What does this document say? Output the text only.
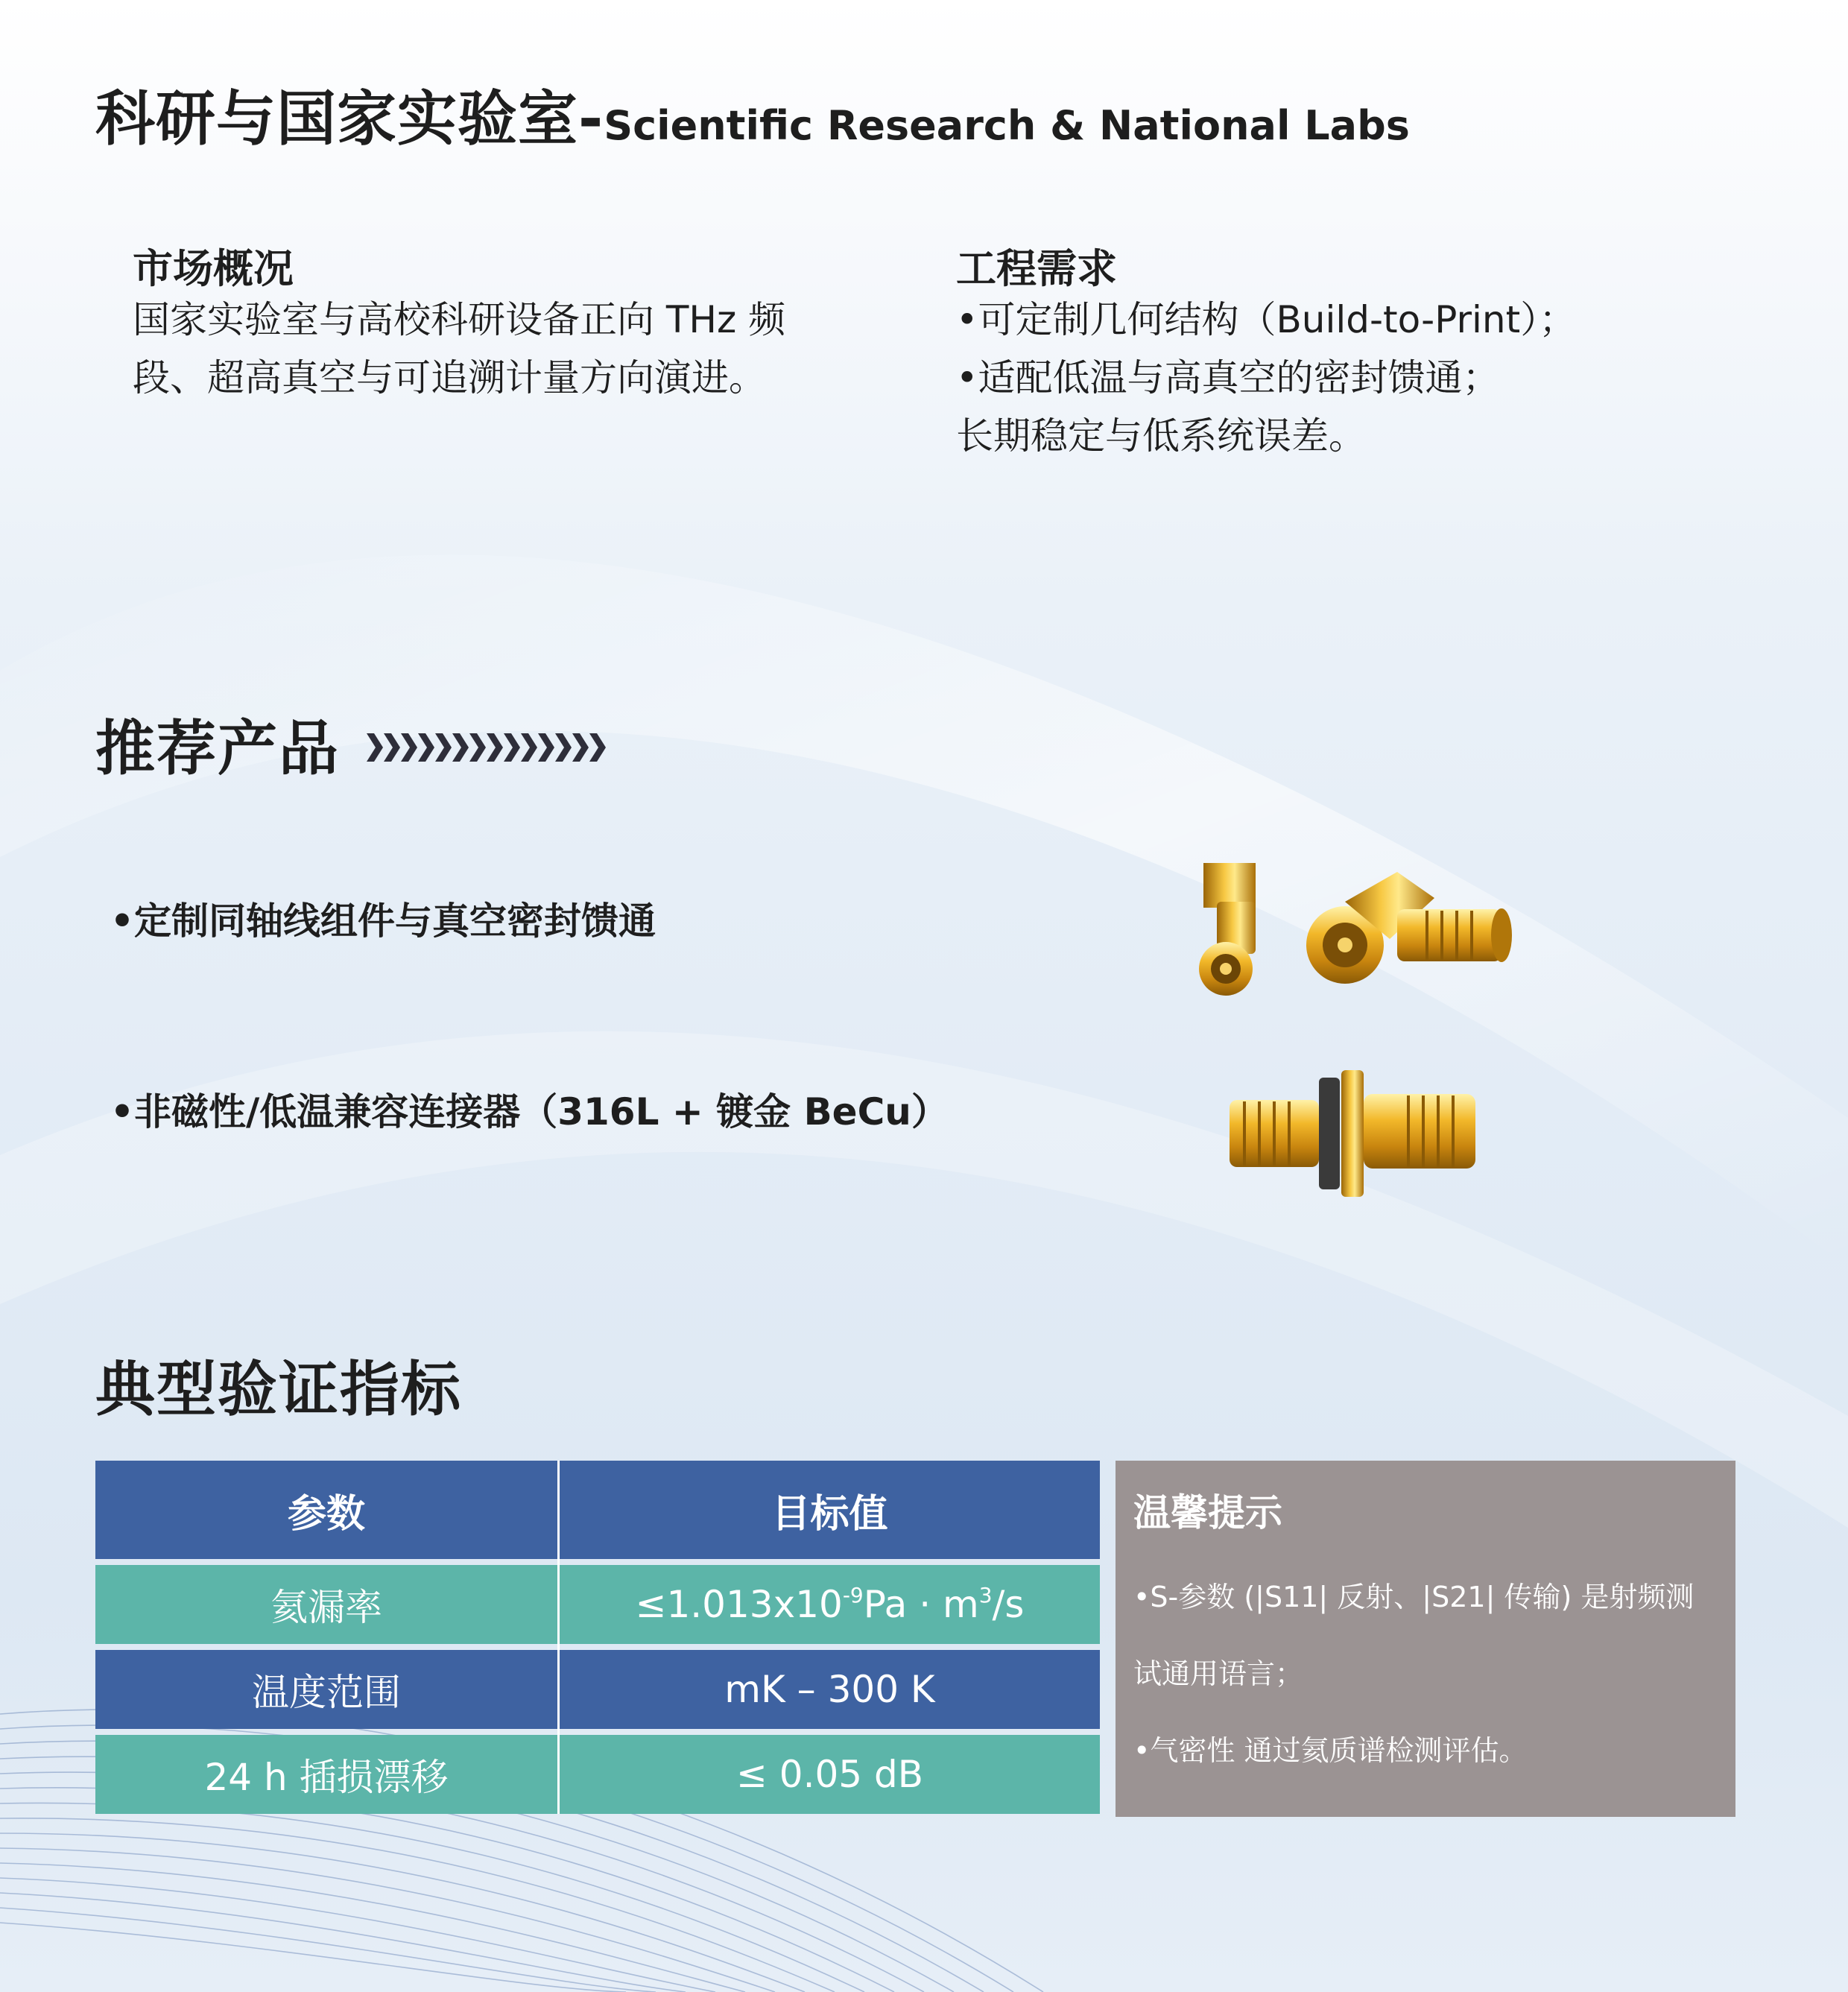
科研与国家实验室-Scientific Research & National Labs
市场概况
国家实验室与高校科研设备正向 THz 频
段、超高真空与可追溯计量方向演进。
工程需求
•可定制几何结构（Build-to-Print）；
•适配低温与高真空的密封馈通；
长期稳定与低系统误差。
推荐产品
•定制同轴线组件与真空密封馈通
•非磁性/低温兼容连接器（316L + 镀金 BeCu）
典型验证指标
参数	目标值

氦漏率	$\le 1.013x10^{-9}Pa \cdot m^3/s$

温度范围	mK – 300 K

24 h 插损漂移	≤ 0.05 dB
温馨提示
•S-参数 (|S11| 反射、|S21| 传输) 是射频测
试通用语言；
•气密性 通过氦质谱检测评估。
